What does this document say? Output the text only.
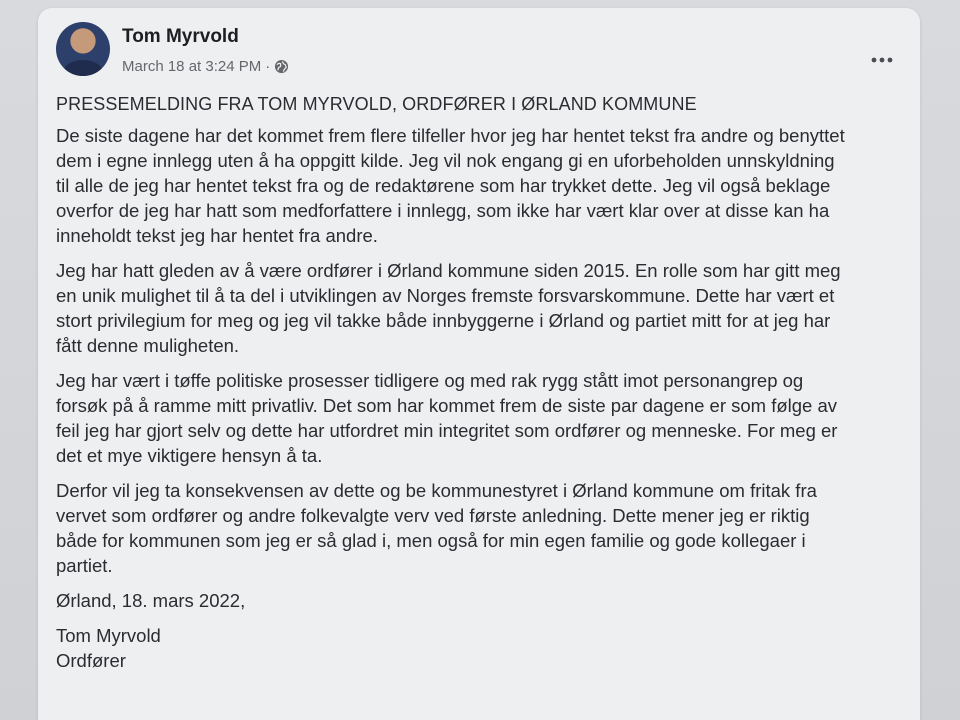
Tom Myrvold
March 18 at 3:24 PM ·

PRESSEMELDING FRA TOM MYRVOLD, ORDFØRER I ØRLAND KOMMUNE

De siste dagene har det kommet frem flere tilfeller hvor jeg har hentet tekst fra andre og benyttet
dem i egne innlegg uten å ha oppgitt kilde. Jeg vil nok engang gi en uforbeholden unnskyldning
til alle de jeg har hentet tekst fra og de redaktørene som har trykket dette. Jeg vil også beklage
overfor de jeg har hatt som medforfattere i innlegg, som ikke har vært klar over at disse kan ha
inneholdt tekst jeg har hentet fra andre.

Jeg har hatt gleden av å være ordfører i Ørland kommune siden 2015. En rolle som har gitt meg
en unik mulighet til å ta del i utviklingen av Norges fremste forsvarskommune. Dette har vært et
stort privilegium for meg og jeg vil takke både innbyggerne i Ørland og partiet mitt for at jeg har
fått denne muligheten.

Jeg har vært i tøffe politiske prosesser tidligere og med rak rygg stått imot personangrep og
forsøk på å ramme mitt privatliv. Det som har kommet frem de siste par dagene er som følge av
feil jeg har gjort selv og dette har utfordret min integritet som ordfører og menneske. For meg er
det et mye viktigere hensyn å ta.

Derfor vil jeg ta konsekvensen av dette og be kommunestyret i Ørland kommune om fritak fra
vervet som ordfører og andre folkevalgte verv ved første anledning. Dette mener jeg er riktig
både for kommunen som jeg er så glad i, men også for min egen familie og gode kollegaer i
partiet.

Ørland, 18. mars 2022,

Tom Myrvold

Ordfører
